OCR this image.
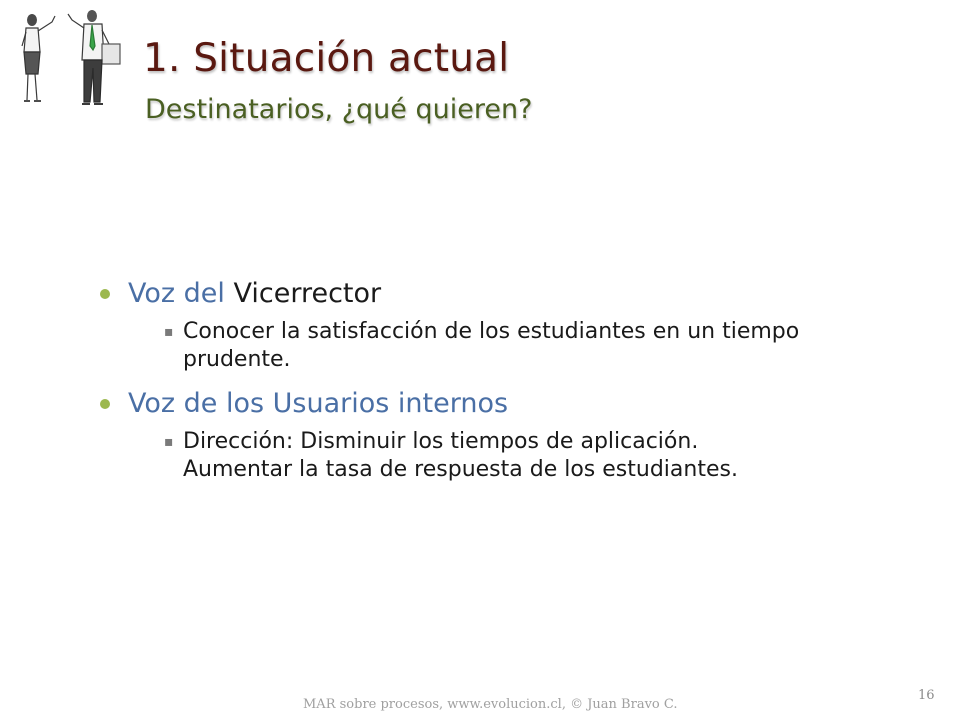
1. Situación actual
Destinatarios, ¿qué quieren?
Voz del Vicerrector
▪ Conocer la satisfacción de los estudiantes en un tiempo prudente.
Voz de los Usuarios internos
▪ Dirección: Disminuir los tiempos de aplicación.
Aumentar la tasa de respuesta de los estudiantes.
MAR sobre procesos, www.evolucion.cl, © Juan Bravo C.
16
